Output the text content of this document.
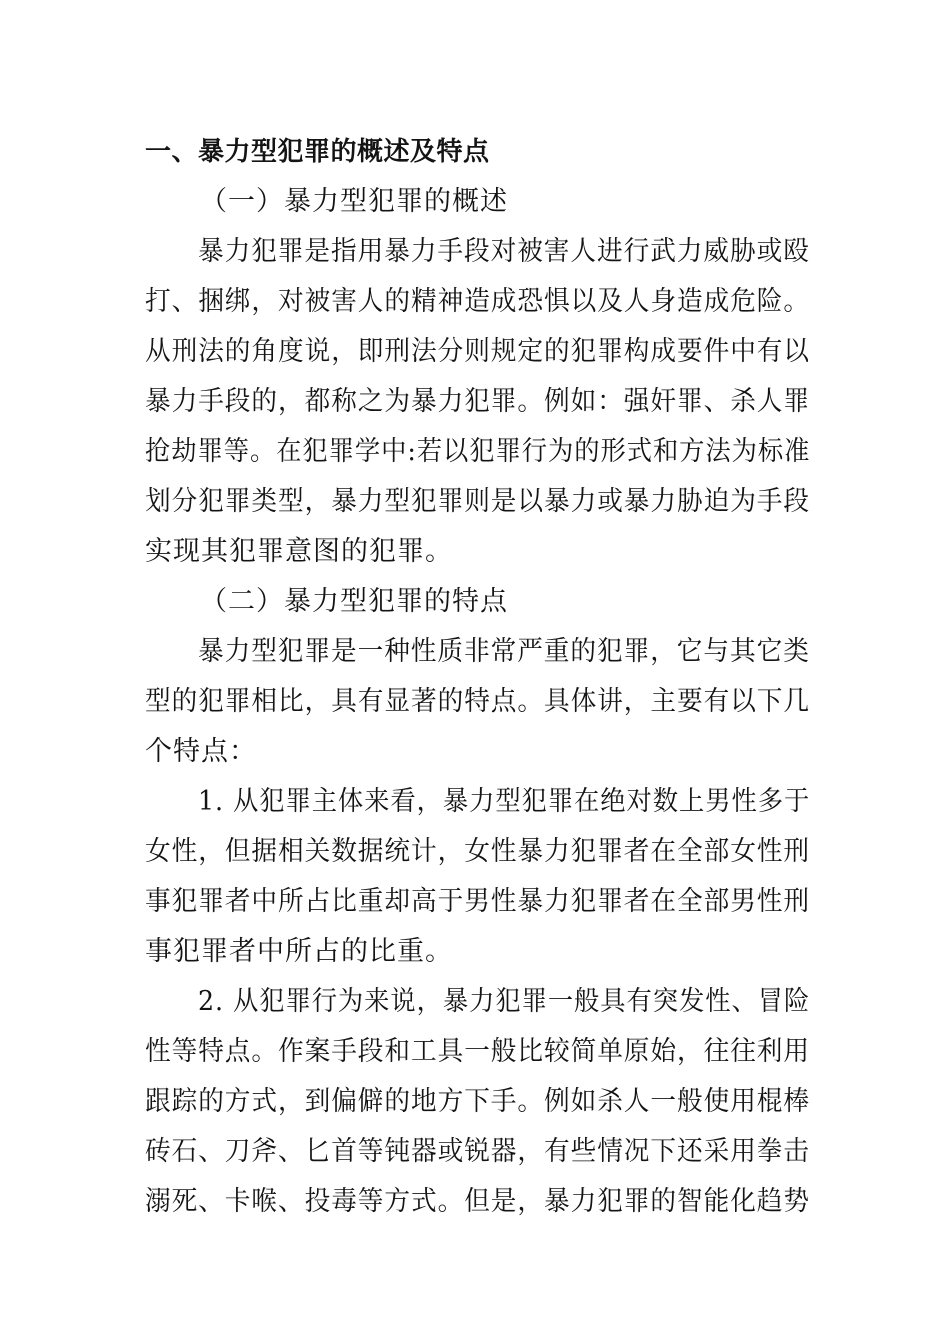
一、暴力型犯罪的概述及特点
（一）暴力型犯罪的概述
暴力犯罪是指用暴力手段对被害人进行武力威胁或殴
打、捆绑，对被害人的精神造成恐惧以及人身造成危险。
从刑法的角度说，即刑法分则规定的犯罪构成要件中有以
暴力手段的，都称之为暴力犯罪。例如：强奸罪、杀人罪
抢劫罪等。在犯罪学中:若以犯罪行为的形式和方法为标准
划分犯罪类型，暴力型犯罪则是以暴力或暴力胁迫为手段
实现其犯罪意图的犯罪。
（二）暴力型犯罪的特点
暴力型犯罪是一种性质非常严重的犯罪，它与其它类
型的犯罪相比，具有显著的特点。具体讲，主要有以下几
个特点：
1. 从犯罪主体来看，暴力型犯罪在绝对数上男性多于
女性，但据相关数据统计，女性暴力犯罪者在全部女性刑
事犯罪者中所占比重却高于男性暴力犯罪者在全部男性刑
事犯罪者中所占的比重。
2. 从犯罪行为来说，暴力犯罪一般具有突发性、冒险
性等特点。作案手段和工具一般比较简单原始，往往利用
跟踪的方式，到偏僻的地方下手。例如杀人一般使用棍棒
砖石、刀斧、匕首等钝器或锐器，有些情况下还采用拳击
溺死、卡喉、投毒等方式。但是，暴力犯罪的智能化趋势
